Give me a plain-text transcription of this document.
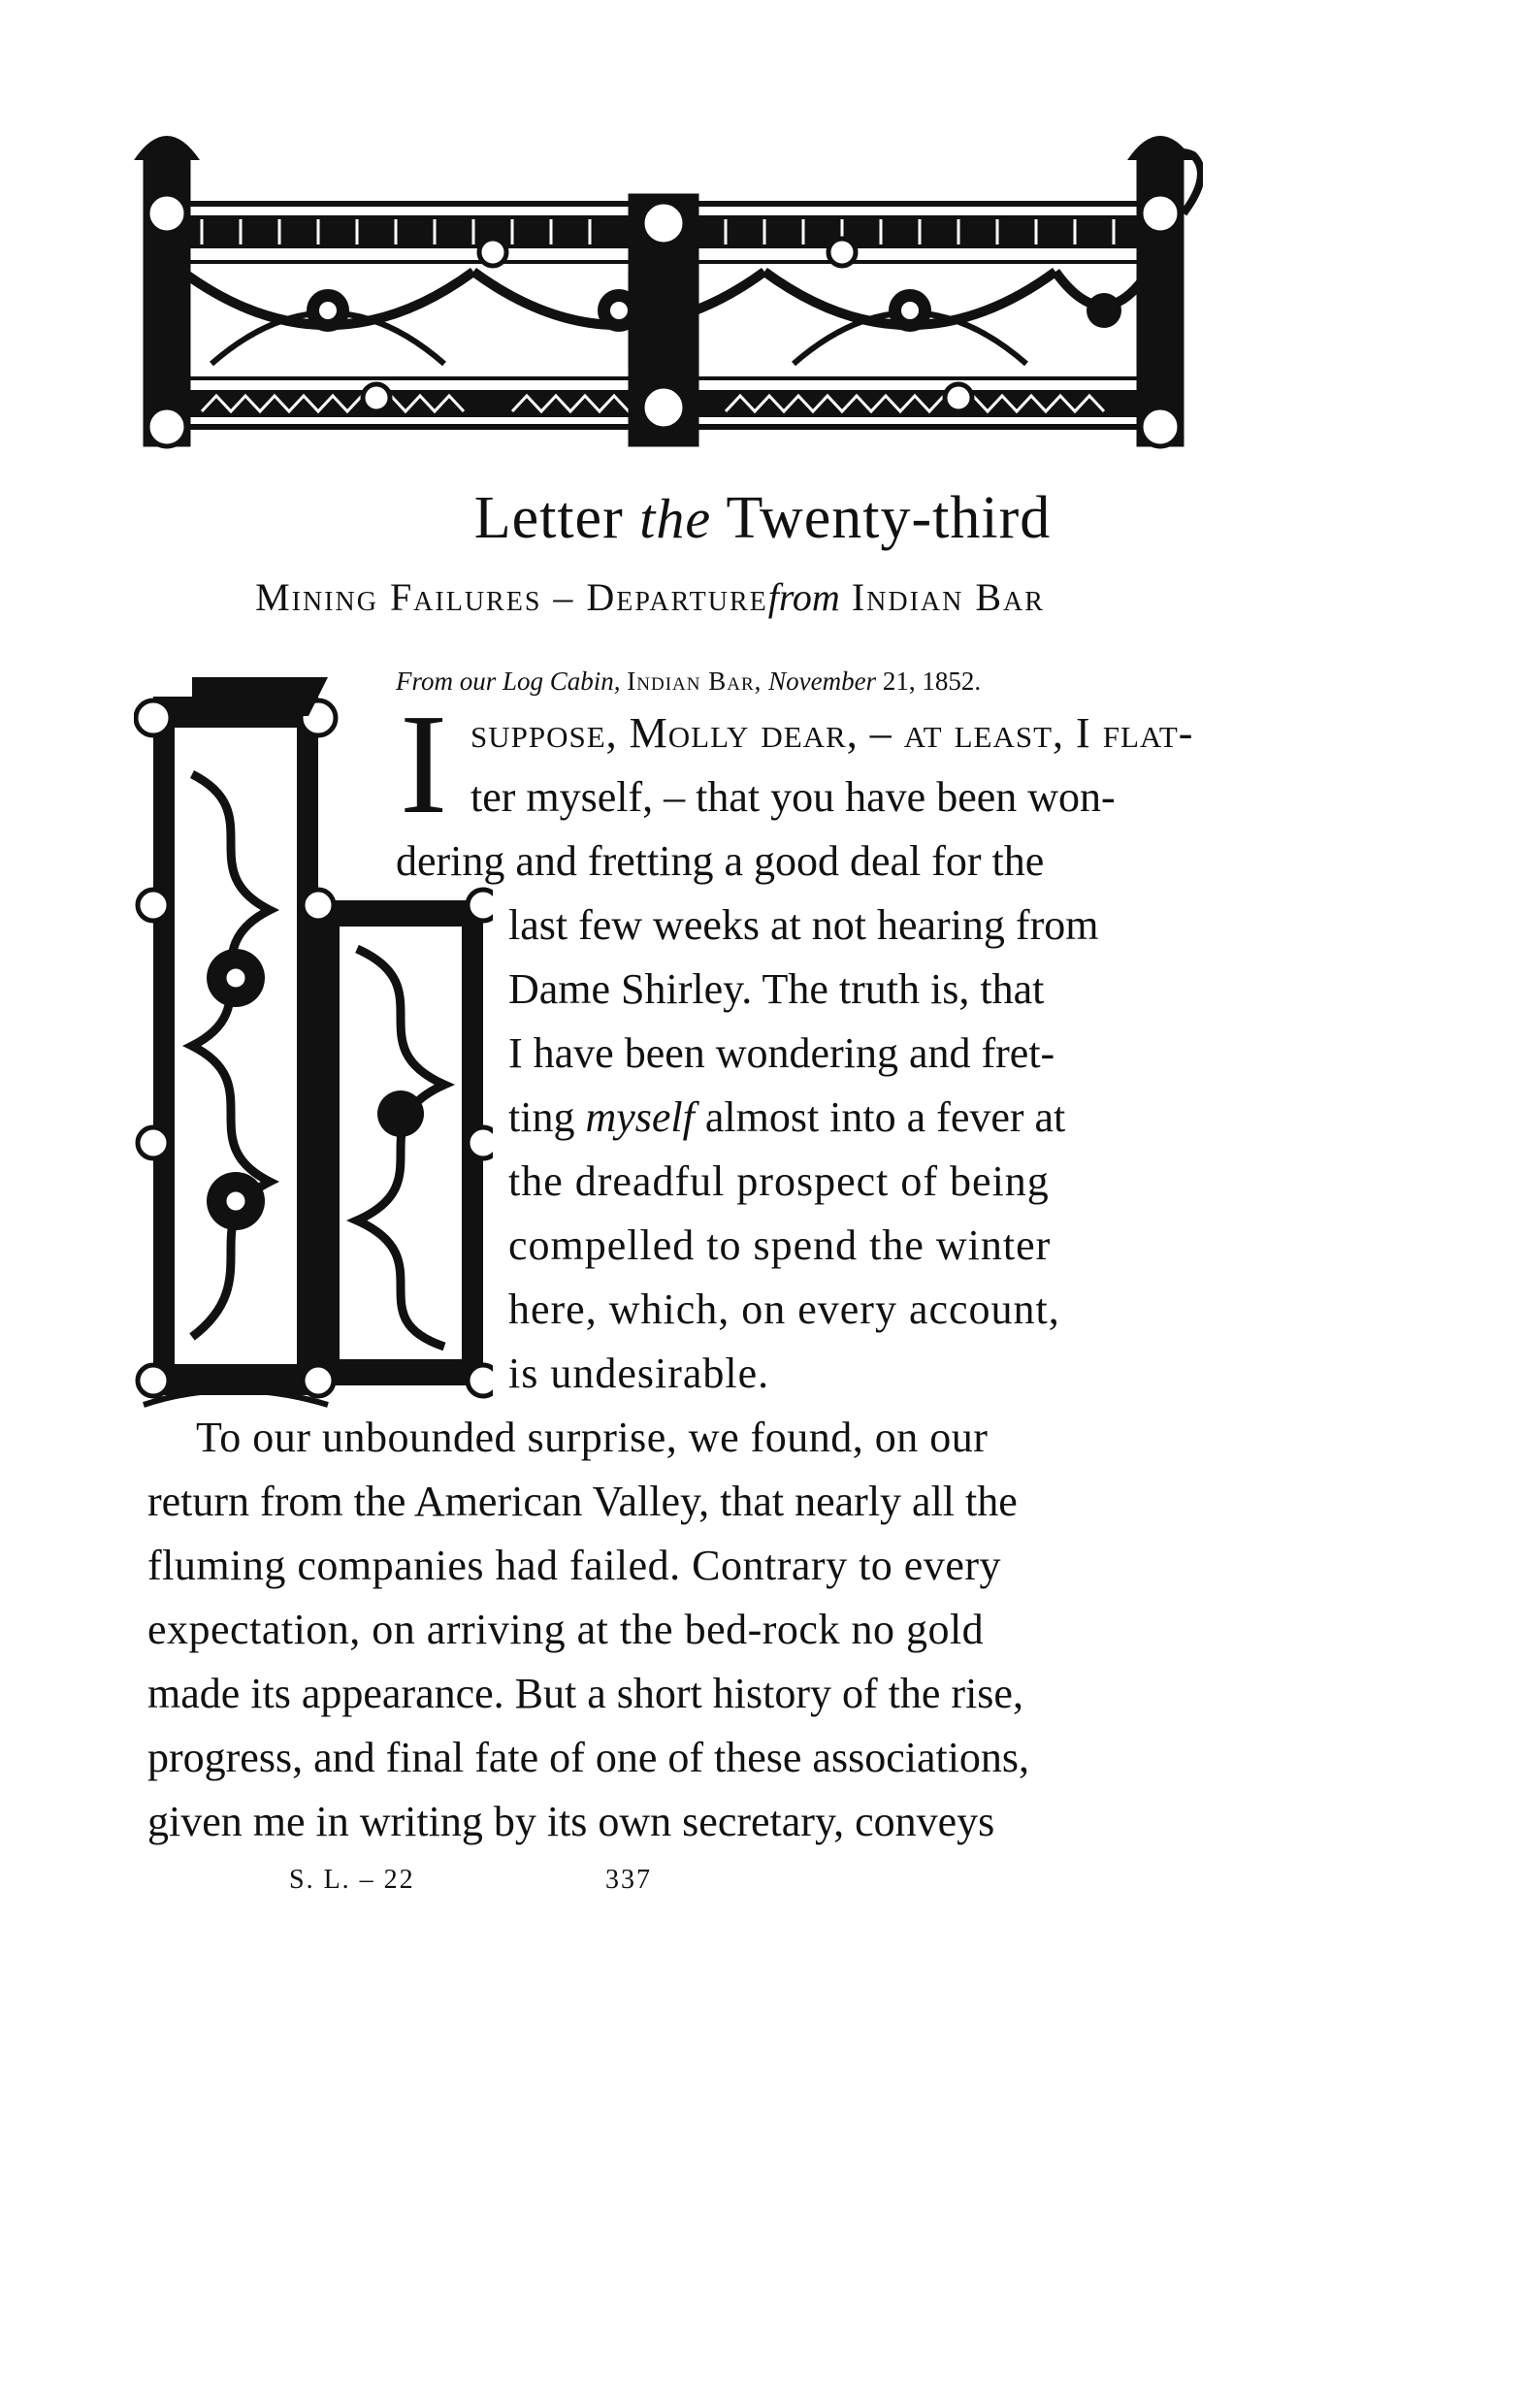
Letter the Twenty-third
Mining Failures – Departurefrom Indian Bar
From our Log Cabin, Indian Bar, November 21, 1852.
I suppose, Molly dear, – at least, I flat-
ter myself, – that you have been won-
dering and fretting a good deal for the
last few weeks at not hearing from
Dame Shirley. The truth is, that
I have been wondering and fret-
ting myself almost into a fever at
the dreadful prospect of being
compelled to spend the winter
here, which, on every account,
is undesirable.
To our unbounded surprise, we found, on our
return from the American Valley, that nearly all the
fluming companies had failed. Contrary to every
expectation, on arriving at the bed-rock no gold
made its appearance. But a short history of the rise,
progress, and final fate of one of these associations,
given me in writing by its own secretary, conveys
S. L. – 22	337
